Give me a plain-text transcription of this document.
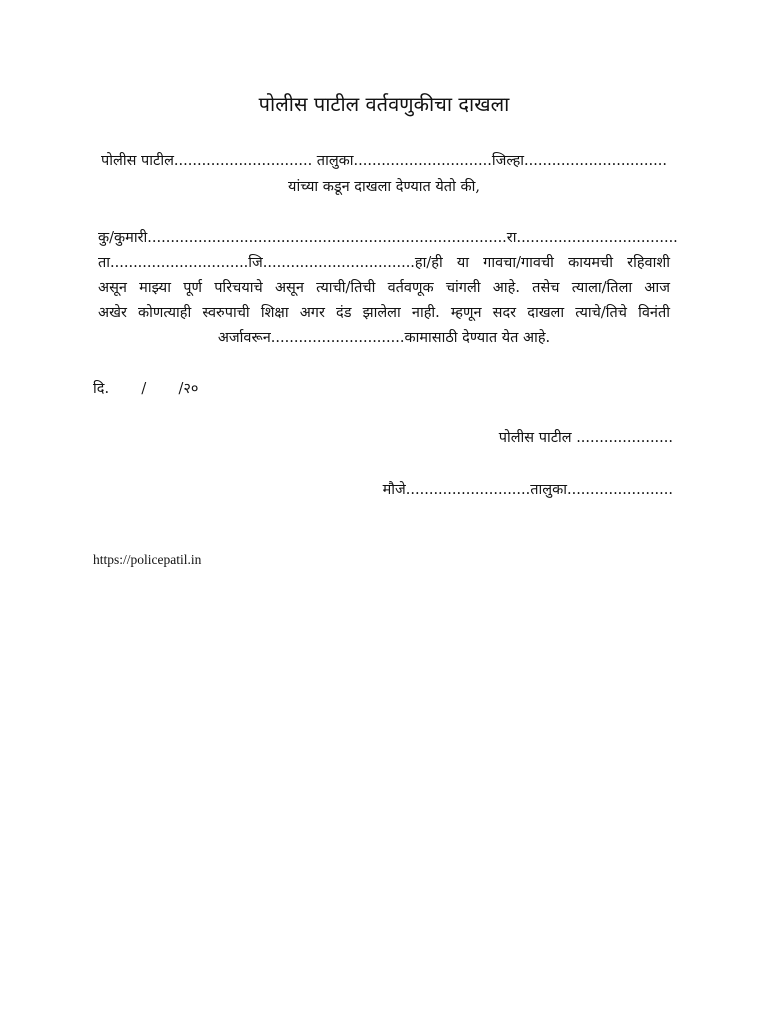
पोलीस पाटील वर्तवणुकीचा दाखला
पोलीस पाटील.............................. तालुका..............................जिल्हा...............................
यांच्या कडून दाखला देण्यात येतो की,
कु/कुमारी..............................................................................रा...................................
ता..............................जि.................................हा/ही या गावचा/गावची कायमची रहिवाशी
असून माझ्या पूर्ण परिचयाचे असून त्याची/तिची वर्तवणूक चांगली आहे. तसेच त्याला/तिला आज
अखेर कोणत्याही स्वरुपाची शिक्षा अगर दंड झालेला नाही. म्हणून सदर दाखला त्याचे/तिचे विनंती
अर्जावरून.............................कामासाठी देण्यात येत आहे.
दि.       /       /२०
पोलीस पाटील .....................
मौजे...........................तालुका.......................
https://policepatil.in
